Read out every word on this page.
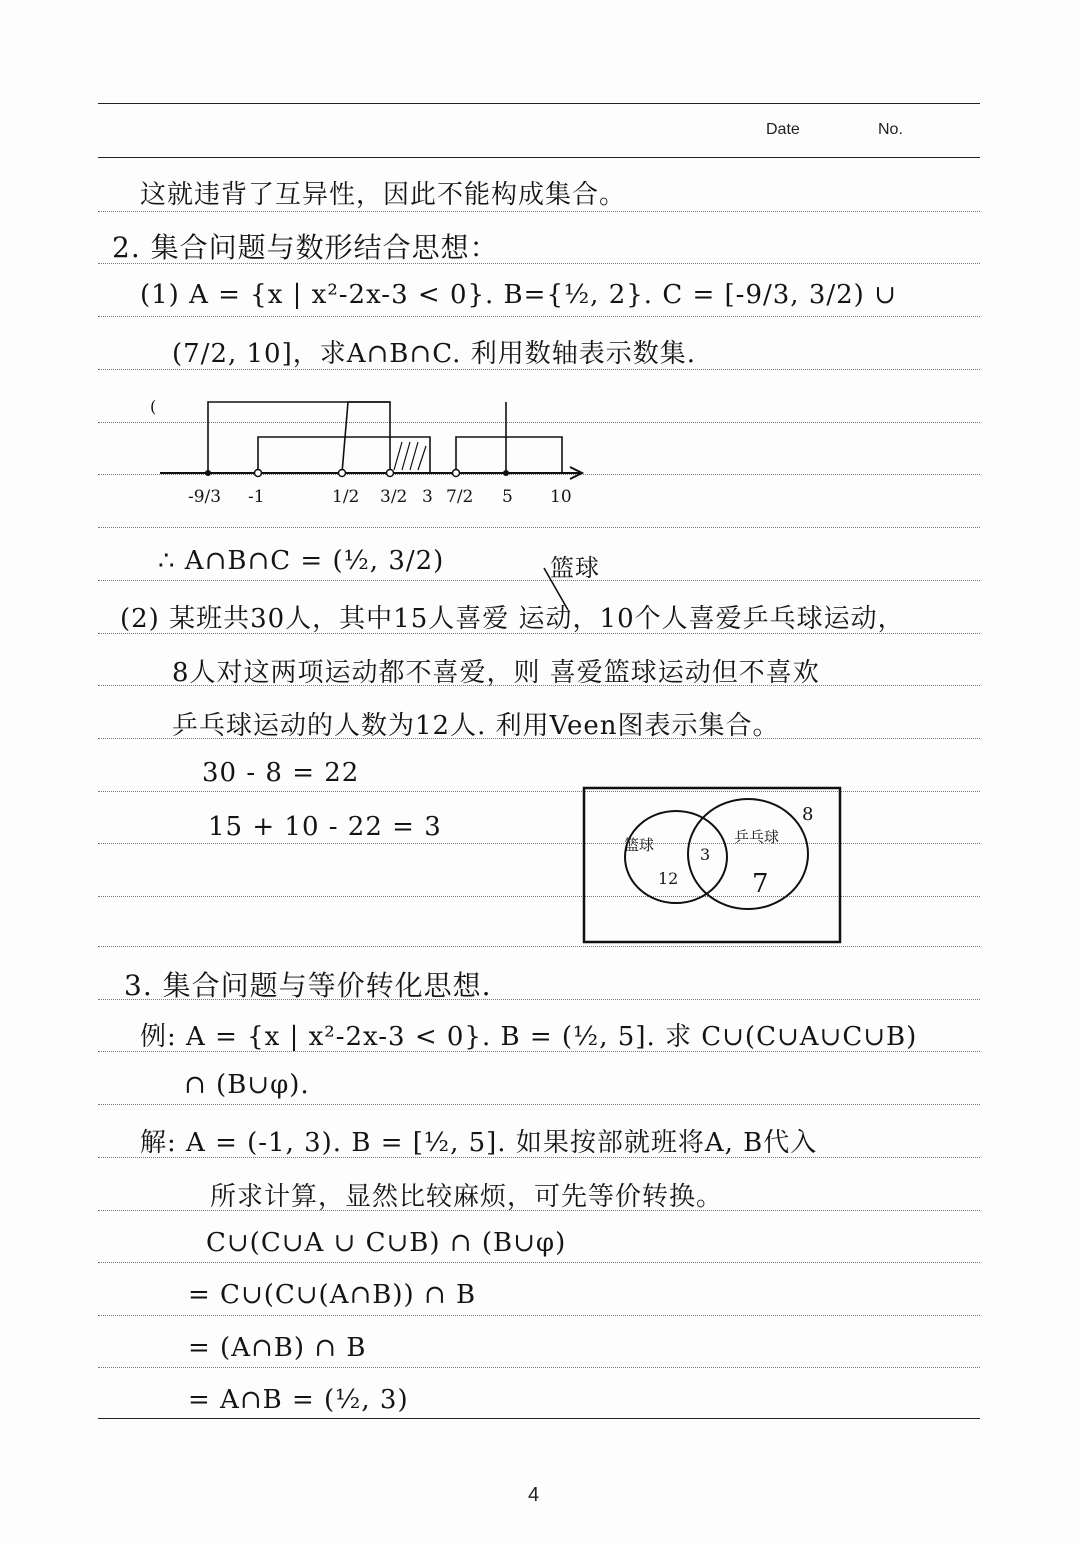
Date	No.
这就违背了互异性，因此不能构成集合。
2. 集合问题与数形结合思想：
(1) A = {x | x²-2x-3 < 0}. B={½, 2}. C = [-9/3, 3/2) ∪
(7/2, 10]，求A∩B∩C. 利用数轴表示数集.
(
-9/3 -1	1/2 3/2 3 7/2 5 10
∴ A∩B∩C = (½, 3/2)	篮球
(2) 某班共30人，其中15人喜爱 运动，10个人喜爱乒乓球运动，
8人对这两项运动都不喜爱，则 喜爱篮球运动但不喜欢
乒乓球运动的人数为12人. 利用Veen图表示集合。
30 - 8 = 22
15 + 10 - 22 = 3
篮球
12
3
乒乓球
7
8
3. 集合问题与等价转化思想.
例: A = {x | x²-2x-3 < 0}. B = (½, 5]. 求 C∪(C∪A∪C∪B)
∩ (B∪φ).
解: A = (-1, 3). B = [½, 5]. 如果按部就班将A, B代入
所求计算，显然比较麻烦，可先等价转换。
C∪(C∪A ∪ C∪B) ∩ (B∪φ)
= C∪(C∪(A∩B)) ∩ B
= (A∩B) ∩ B
= A∩B = (½, 3)
4
